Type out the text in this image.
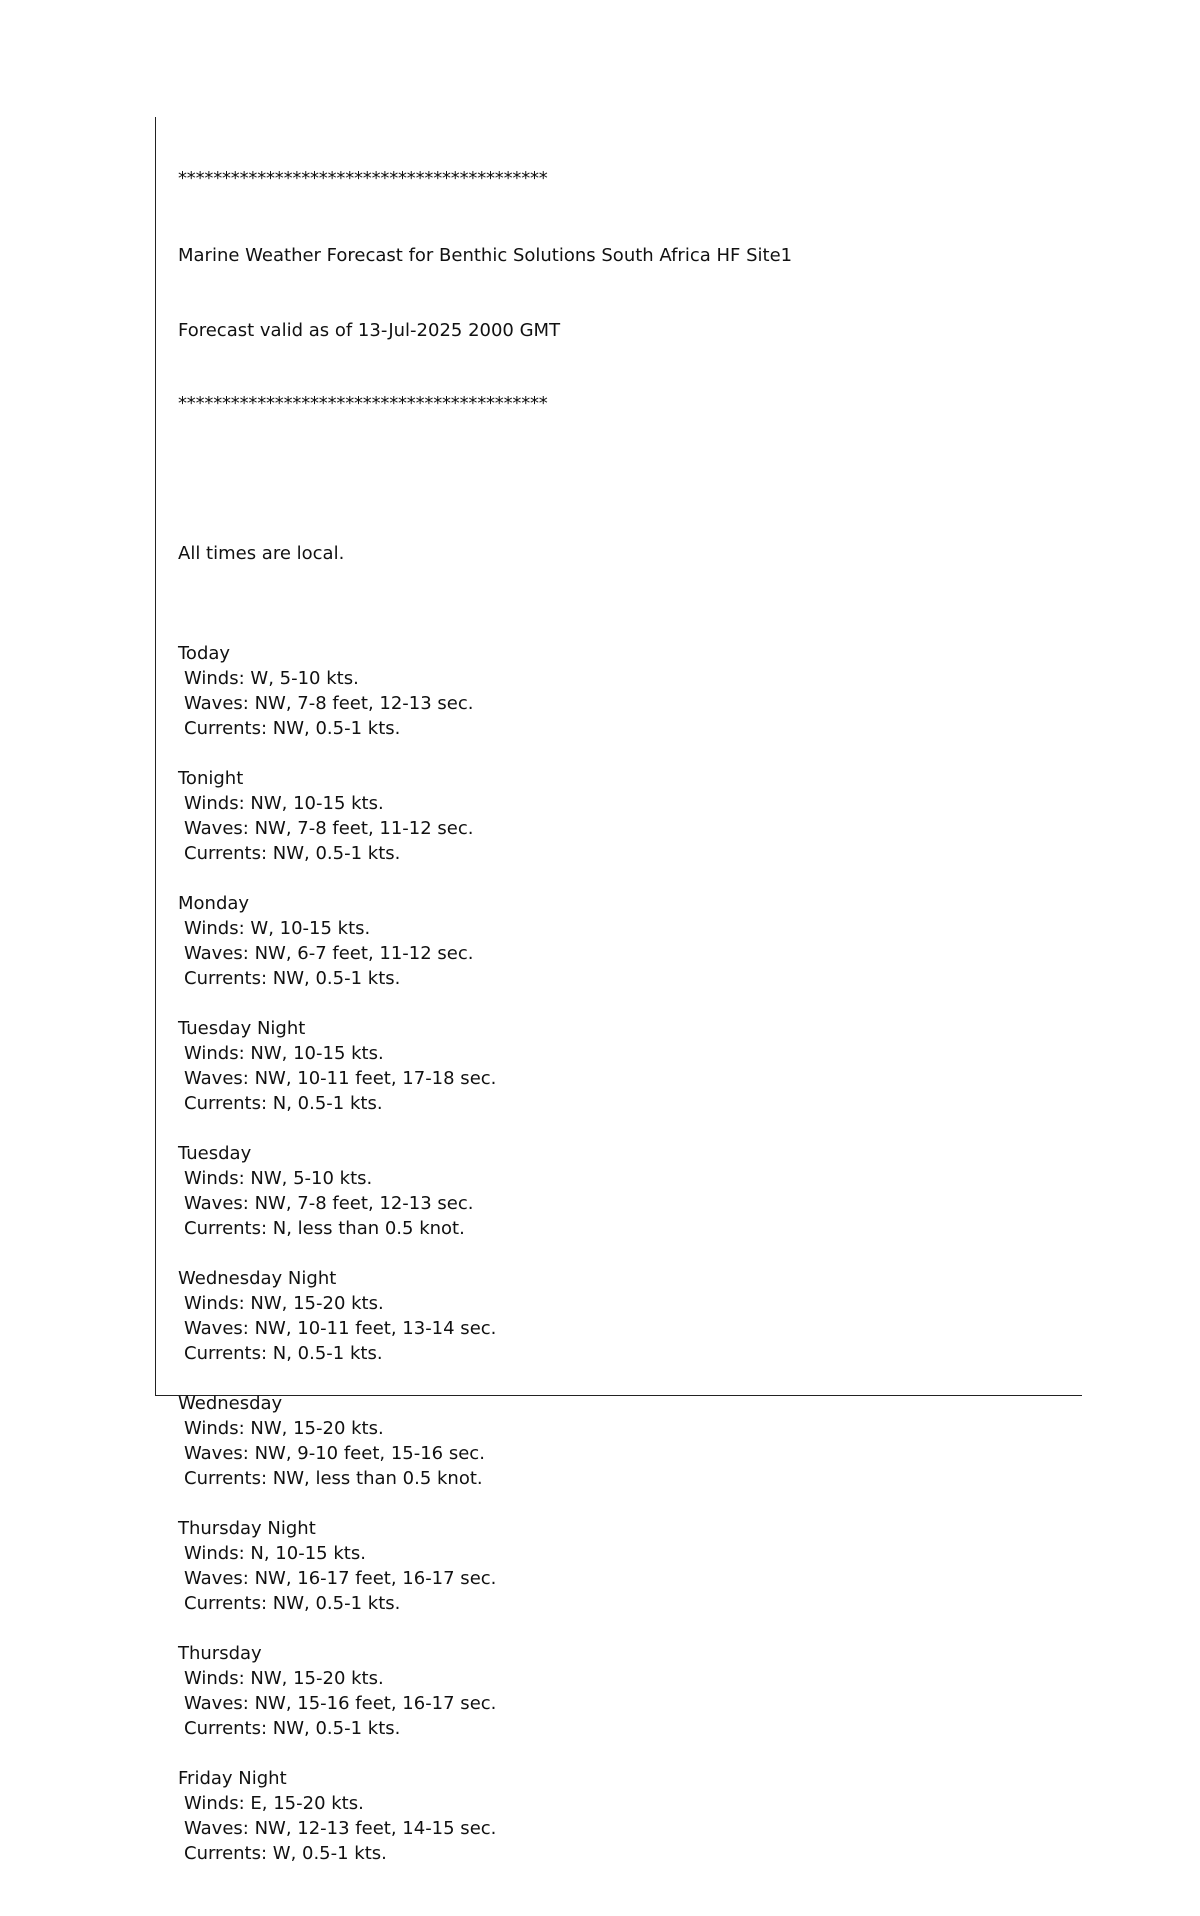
******************************************

Marine Weather Forecast for Benthic Solutions South Africa HF Site1

Forecast valid as of 13-Jul-2025 2000 GMT

******************************************

All times are local.

Today
Winds: W, 5-10 kts.
Waves: NW, 7-8 feet, 12-13 sec.
Currents: NW, 0.5-1 kts.
Tonight
Winds: NW, 10-15 kts.
Waves: NW, 7-8 feet, 11-12 sec.
Currents: NW, 0.5-1 kts.
Monday
Winds: W, 10-15 kts.
Waves: NW, 6-7 feet, 11-12 sec.
Currents: NW, 0.5-1 kts.
Tuesday Night
Winds: NW, 10-15 kts.
Waves: NW, 10-11 feet, 17-18 sec.
Currents: N, 0.5-1 kts.
Tuesday
Winds: NW, 5-10 kts.
Waves: NW, 7-8 feet, 12-13 sec.
Currents: N, less than 0.5 knot.
Wednesday Night
Winds: NW, 15-20 kts.
Waves: NW, 10-11 feet, 13-14 sec.
Currents: N, 0.5-1 kts.
Wednesday
Winds: NW, 15-20 kts.
Waves: NW, 9-10 feet, 15-16 sec.
Currents: NW, less than 0.5 knot.
Thursday Night
Winds: N, 10-15 kts.
Waves: NW, 16-17 feet, 16-17 sec.
Currents: NW, 0.5-1 kts.
Thursday
Winds: NW, 15-20 kts.
Waves: NW, 15-16 feet, 16-17 sec.
Currents: NW, 0.5-1 kts.
Friday Night
Winds: E, 15-20 kts.
Waves: NW, 12-13 feet, 14-15 sec.
Currents: W, 0.5-1 kts.
